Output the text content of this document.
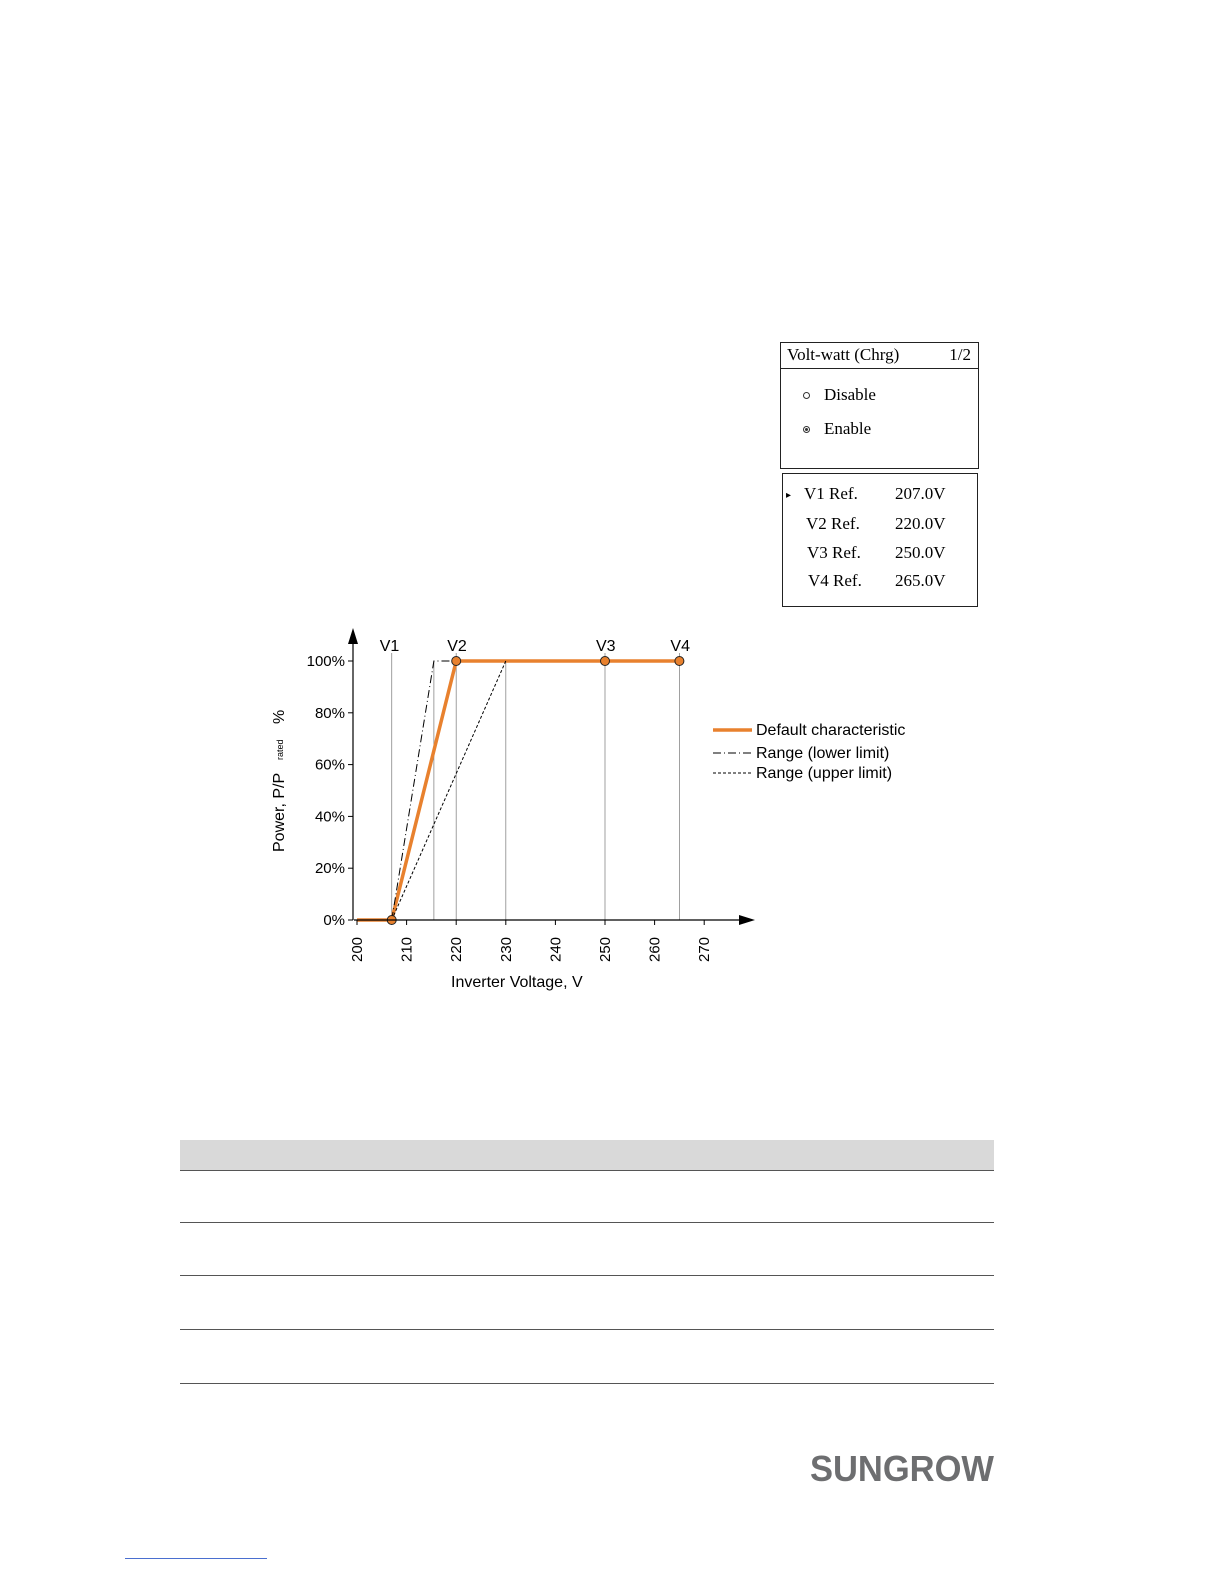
Volt-watt (Chrg)	1/2
Disable
Enable
▸ V1 Ref. 207.0V
V2 Ref. 220.0V
V3 Ref. 250.0V
V4 Ref. 265.0V
V1	V2	V3	V4
200 210 220 230 240 250 260 270
0%
20%
40%
60%
80%
100%
Inverter Voltage, V
Power, P/P
rated
%
Default characteristic
Range (lower limit)
Range (upper limit)
SUNGROW
